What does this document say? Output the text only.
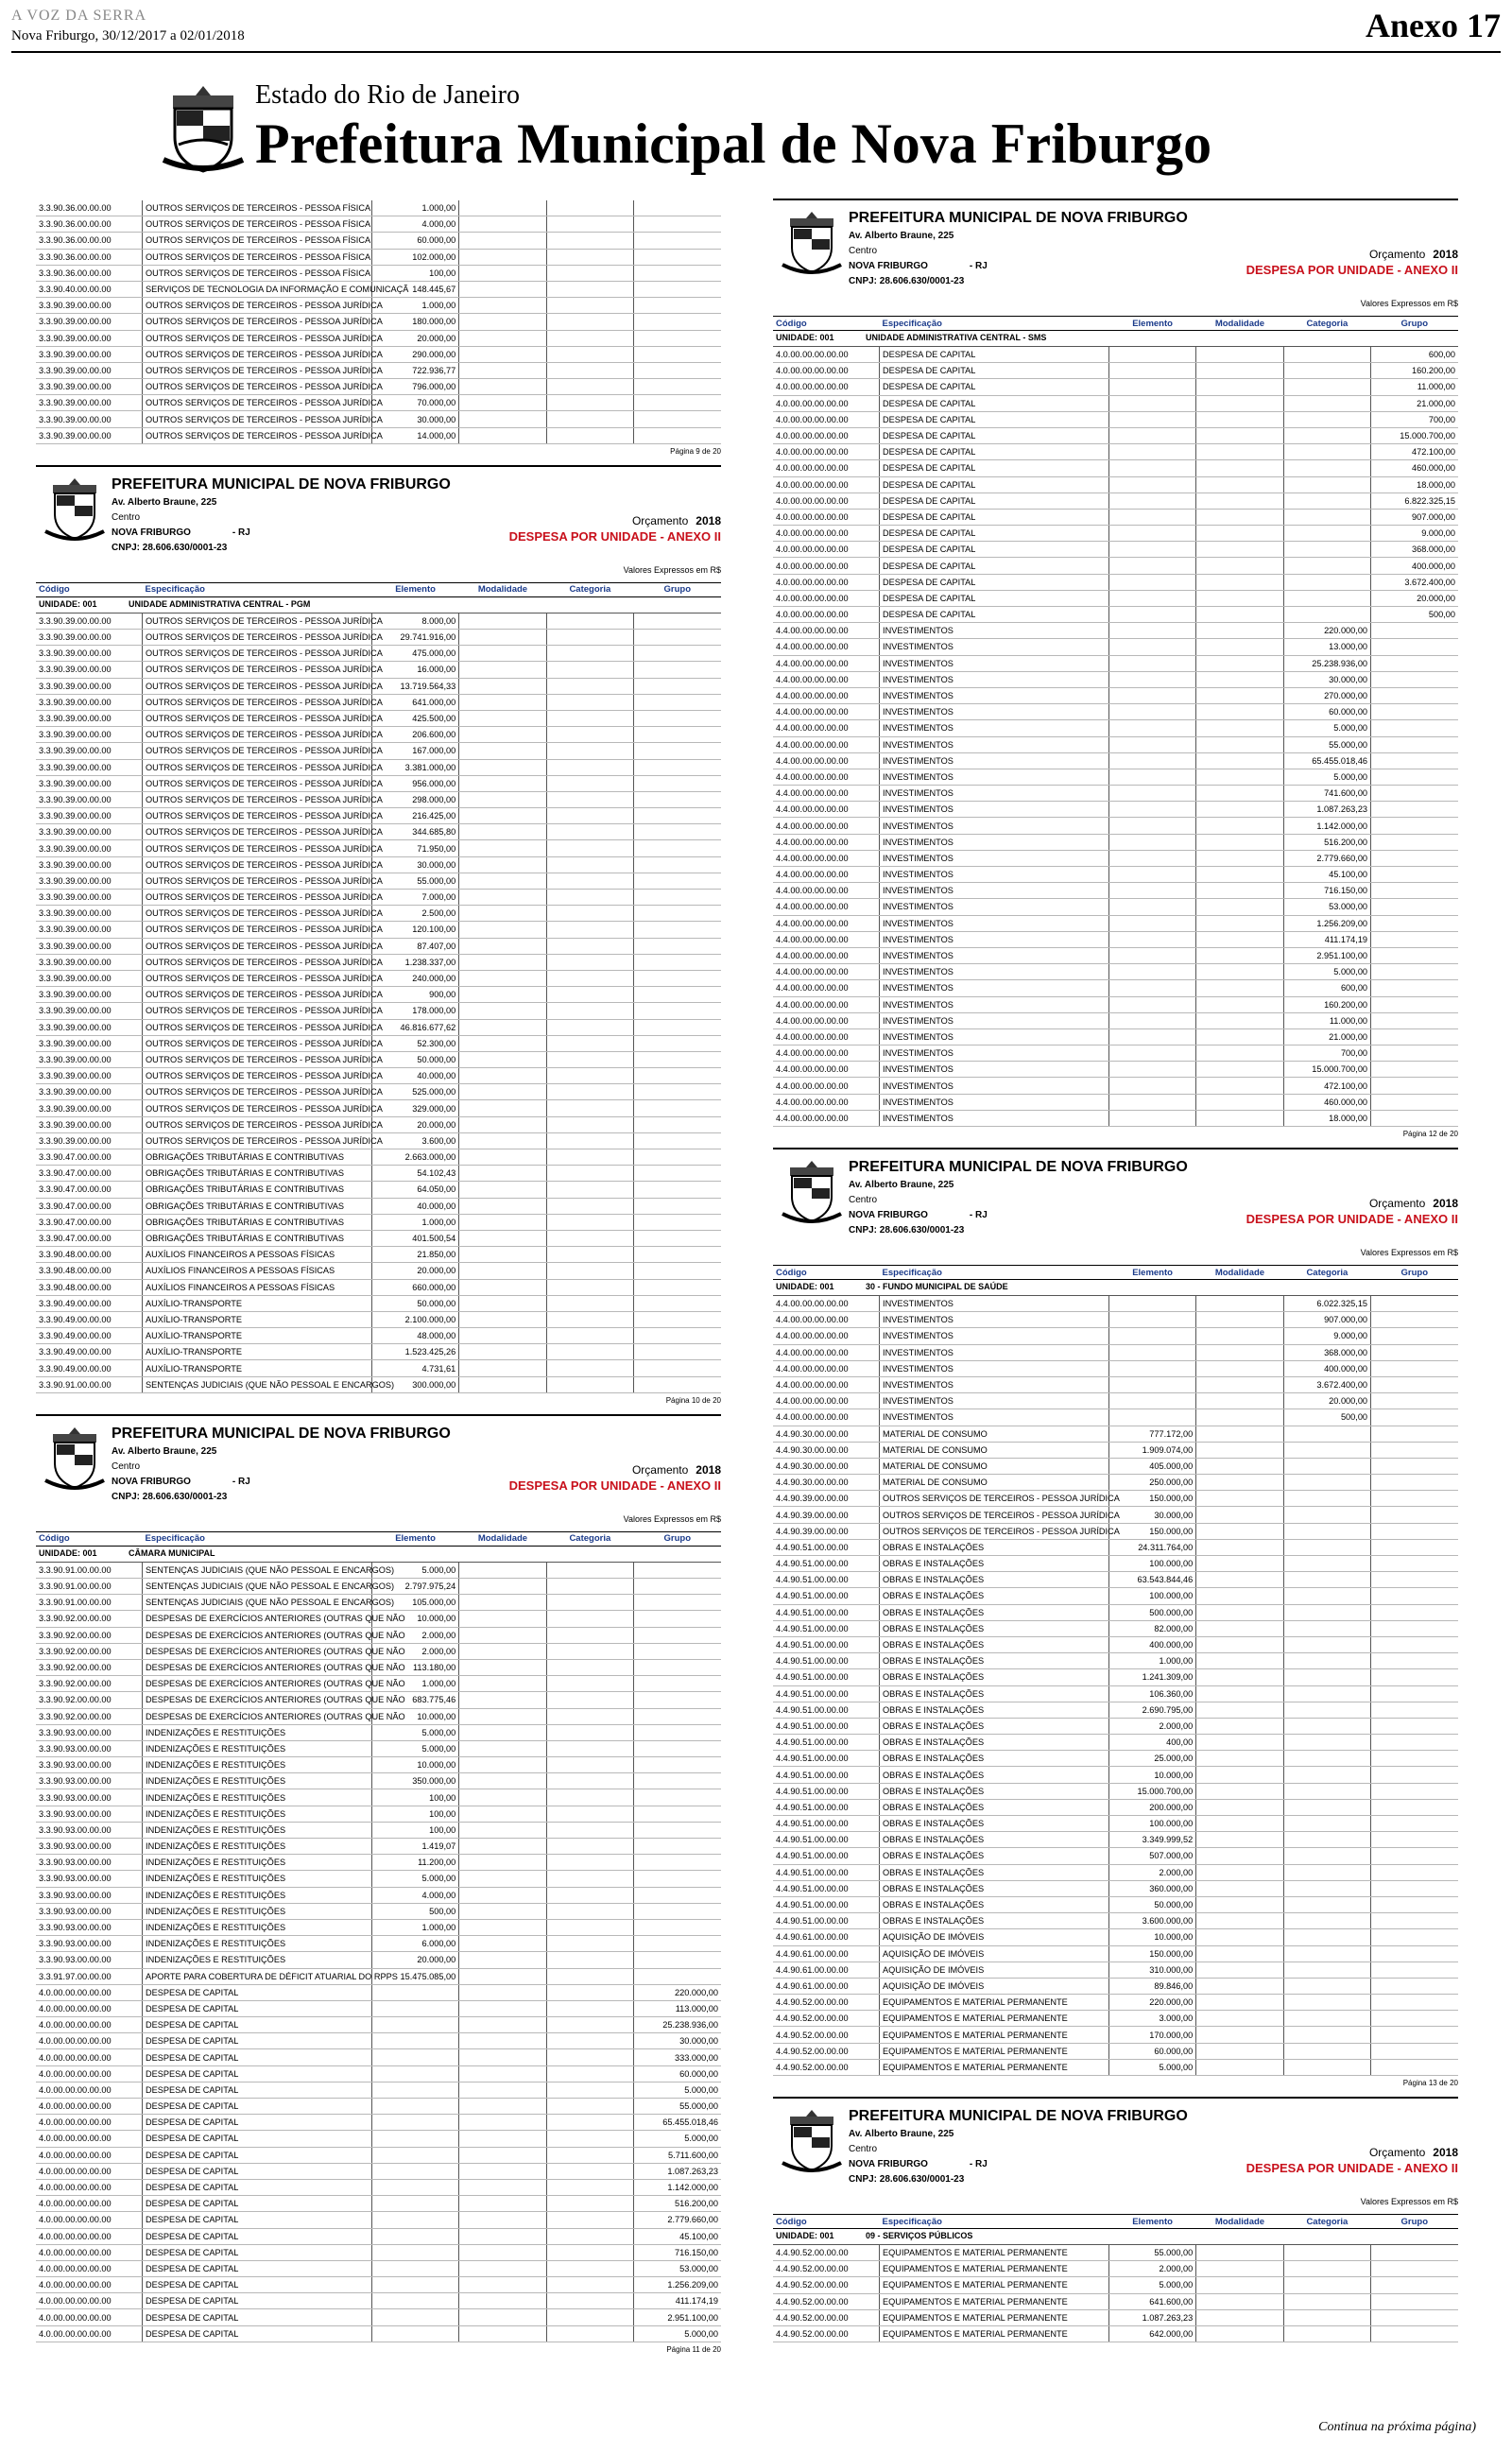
A VOZ DA SERRA
Nova Friburgo, 30/12/2017 a 02/01/2018	Anexo 17
Estado do Rio de Janeiro
Prefeitura Municipal de Nova Friburgo
3.3.90.36.00.00.00	OUTROS SERVIÇOS DE TERCEIROS - PESSOA FÍSICA	1.000,00			
3.3.90.36.00.00.00	OUTROS SERVIÇOS DE TERCEIROS - PESSOA FÍSICA	4.000,00			
3.3.90.36.00.00.00	OUTROS SERVIÇOS DE TERCEIROS - PESSOA FÍSICA	60.000,00			
3.3.90.36.00.00.00	OUTROS SERVIÇOS DE TERCEIROS - PESSOA FÍSICA	102.000,00			
3.3.90.36.00.00.00	OUTROS SERVIÇOS DE TERCEIROS - PESSOA FÍSICA	100,00			
3.3.90.40.00.00.00	SERVIÇOS DE TECNOLOGIA DA INFORMAÇÃO E COMUNICAÇÃ	148.445,67			
3.3.90.39.00.00.00	OUTROS SERVIÇOS DE TERCEIROS - PESSOA JURÍDICA	1.000,00			
3.3.90.39.00.00.00	OUTROS SERVIÇOS DE TERCEIROS - PESSOA JURÍDICA	180.000,00			
3.3.90.39.00.00.00	OUTROS SERVIÇOS DE TERCEIROS - PESSOA JURÍDICA	20.000,00			
3.3.90.39.00.00.00	OUTROS SERVIÇOS DE TERCEIROS - PESSOA JURÍDICA	290.000,00			
3.3.90.39.00.00.00	OUTROS SERVIÇOS DE TERCEIROS - PESSOA JURÍDICA	722.936,77			
3.3.90.39.00.00.00	OUTROS SERVIÇOS DE TERCEIROS - PESSOA JURÍDICA	796.000,00			
3.3.90.39.00.00.00	OUTROS SERVIÇOS DE TERCEIROS - PESSOA JURÍDICA	70.000,00			
3.3.90.39.00.00.00	OUTROS SERVIÇOS DE TERCEIROS - PESSOA JURÍDICA	30.000,00			
3.3.90.39.00.00.00	OUTROS SERVIÇOS DE TERCEIROS - PESSOA JURÍDICA	14.000,00			
Página 9 de 20
PREFEITURA MUNICIPAL DE NOVA FRIBURGO
Av. Alberto Braune, 225
Centro
NOVA FRIBURGO	- RJ
CNPJ: 28.606.630/0001-23
Orçamento 2018
DESPESA POR UNIDADE - ANEXO II
Valores Expressos em R$
Código	Especificação	Elemento	Modalidade	Categoria	Grupo
UNIDADE: 001	UNIDADE ADMINISTRATIVA CENTRAL - PGM
3.3.90.39.00.00.00	OUTROS SERVIÇOS DE TERCEIROS - PESSOA JURÍDICA	8.000,00			
3.3.90.39.00.00.00	OUTROS SERVIÇOS DE TERCEIROS - PESSOA JURÍDICA	29.741.916,00			
3.3.90.39.00.00.00	OUTROS SERVIÇOS DE TERCEIROS - PESSOA JURÍDICA	475.000,00			
3.3.90.39.00.00.00	OUTROS SERVIÇOS DE TERCEIROS - PESSOA JURÍDICA	16.000,00			
3.3.90.39.00.00.00	OUTROS SERVIÇOS DE TERCEIROS - PESSOA JURÍDICA	13.719.564,33			
3.3.90.39.00.00.00	OUTROS SERVIÇOS DE TERCEIROS - PESSOA JURÍDICA	641.000,00			
3.3.90.39.00.00.00	OUTROS SERVIÇOS DE TERCEIROS - PESSOA JURÍDICA	425.500,00			
3.3.90.39.00.00.00	OUTROS SERVIÇOS DE TERCEIROS - PESSOA JURÍDICA	206.600,00			
3.3.90.39.00.00.00	OUTROS SERVIÇOS DE TERCEIROS - PESSOA JURÍDICA	167.000,00			
3.3.90.39.00.00.00	OUTROS SERVIÇOS DE TERCEIROS - PESSOA JURÍDICA	3.381.000,00			
3.3.90.39.00.00.00	OUTROS SERVIÇOS DE TERCEIROS - PESSOA JURÍDICA	956.000,00			
3.3.90.39.00.00.00	OUTROS SERVIÇOS DE TERCEIROS - PESSOA JURÍDICA	298.000,00			
3.3.90.39.00.00.00	OUTROS SERVIÇOS DE TERCEIROS - PESSOA JURÍDICA	216.425,00			
3.3.90.39.00.00.00	OUTROS SERVIÇOS DE TERCEIROS - PESSOA JURÍDICA	344.685,80			
3.3.90.39.00.00.00	OUTROS SERVIÇOS DE TERCEIROS - PESSOA JURÍDICA	71.950,00			
3.3.90.39.00.00.00	OUTROS SERVIÇOS DE TERCEIROS - PESSOA JURÍDICA	30.000,00			
3.3.90.39.00.00.00	OUTROS SERVIÇOS DE TERCEIROS - PESSOA JURÍDICA	55.000,00			
3.3.90.39.00.00.00	OUTROS SERVIÇOS DE TERCEIROS - PESSOA JURÍDICA	7.000,00			
3.3.90.39.00.00.00	OUTROS SERVIÇOS DE TERCEIROS - PESSOA JURÍDICA	2.500,00			
3.3.90.39.00.00.00	OUTROS SERVIÇOS DE TERCEIROS - PESSOA JURÍDICA	120.100,00			
3.3.90.39.00.00.00	OUTROS SERVIÇOS DE TERCEIROS - PESSOA JURÍDICA	87.407,00			
3.3.90.39.00.00.00	OUTROS SERVIÇOS DE TERCEIROS - PESSOA JURÍDICA	1.238.337,00			
3.3.90.39.00.00.00	OUTROS SERVIÇOS DE TERCEIROS - PESSOA JURÍDICA	240.000,00			
3.3.90.39.00.00.00	OUTROS SERVIÇOS DE TERCEIROS - PESSOA JURÍDICA	900,00			
3.3.90.39.00.00.00	OUTROS SERVIÇOS DE TERCEIROS - PESSOA JURÍDICA	178.000,00			
3.3.90.39.00.00.00	OUTROS SERVIÇOS DE TERCEIROS - PESSOA JURÍDICA	46.816.677,62			
3.3.90.39.00.00.00	OUTROS SERVIÇOS DE TERCEIROS - PESSOA JURÍDICA	52.300,00			
3.3.90.39.00.00.00	OUTROS SERVIÇOS DE TERCEIROS - PESSOA JURÍDICA	50.000,00			
3.3.90.39.00.00.00	OUTROS SERVIÇOS DE TERCEIROS - PESSOA JURÍDICA	40.000,00			
3.3.90.39.00.00.00	OUTROS SERVIÇOS DE TERCEIROS - PESSOA JURÍDICA	525.000,00			
3.3.90.39.00.00.00	OUTROS SERVIÇOS DE TERCEIROS - PESSOA JURÍDICA	329.000,00			
3.3.90.39.00.00.00	OUTROS SERVIÇOS DE TERCEIROS - PESSOA JURÍDICA	20.000,00			
3.3.90.39.00.00.00	OUTROS SERVIÇOS DE TERCEIROS - PESSOA JURÍDICA	3.600,00			
3.3.90.47.00.00.00	OBRIGAÇÕES TRIBUTÁRIAS E CONTRIBUTIVAS	2.663.000,00			
3.3.90.47.00.00.00	OBRIGAÇÕES TRIBUTÁRIAS E CONTRIBUTIVAS	54.102,43			
3.3.90.47.00.00.00	OBRIGAÇÕES TRIBUTÁRIAS E CONTRIBUTIVAS	64.050,00			
3.3.90.47.00.00.00	OBRIGAÇÕES TRIBUTÁRIAS E CONTRIBUTIVAS	40.000,00			
3.3.90.47.00.00.00	OBRIGAÇÕES TRIBUTÁRIAS E CONTRIBUTIVAS	1.000,00			
3.3.90.47.00.00.00	OBRIGAÇÕES TRIBUTÁRIAS E CONTRIBUTIVAS	401.500,54			
3.3.90.48.00.00.00	AUXÍLIOS FINANCEIROS A PESSOAS FÍSICAS	21.850,00			
3.3.90.48.00.00.00	AUXÍLIOS FINANCEIROS A PESSOAS FÍSICAS	20.000,00			
3.3.90.48.00.00.00	AUXÍLIOS FINANCEIROS A PESSOAS FÍSICAS	660.000,00			
3.3.90.49.00.00.00	AUXÍLIO-TRANSPORTE	50.000,00			
3.3.90.49.00.00.00	AUXÍLIO-TRANSPORTE	2.100.000,00			
3.3.90.49.00.00.00	AUXÍLIO-TRANSPORTE	48.000,00			
3.3.90.49.00.00.00	AUXÍLIO-TRANSPORTE	1.523.425,26			
3.3.90.49.00.00.00	AUXÍLIO-TRANSPORTE	4.731,61			
3.3.90.91.00.00.00	SENTENÇAS JUDICIAIS (QUE NÃO PESSOAL E ENCARGOS)	300.000,00			
Página 10 de 20
PREFEITURA MUNICIPAL DE NOVA FRIBURGO
Av. Alberto Braune, 225
Centro
NOVA FRIBURGO	- RJ
CNPJ: 28.606.630/0001-23
Orçamento 2018
DESPESA POR UNIDADE - ANEXO II
Valores Expressos em R$
Código	Especificação	Elemento	Modalidade	Categoria	Grupo
UNIDADE: 001	CÂMARA MUNICIPAL
3.3.90.91.00.00.00	SENTENÇAS JUDICIAIS (QUE NÃO PESSOAL E ENCARGOS)	5.000,00			
3.3.90.91.00.00.00	SENTENÇAS JUDICIAIS (QUE NÃO PESSOAL E ENCARGOS)	2.797.975,24			
3.3.90.91.00.00.00	SENTENÇAS JUDICIAIS (QUE NÃO PESSOAL E ENCARGOS)	105.000,00			
3.3.90.92.00.00.00	DESPESAS DE EXERCÍCIOS ANTERIORES (OUTRAS QUE NÃO	10.000,00			
3.3.90.92.00.00.00	DESPESAS DE EXERCÍCIOS ANTERIORES (OUTRAS QUE NÃO	2.000,00			
3.3.90.92.00.00.00	DESPESAS DE EXERCÍCIOS ANTERIORES (OUTRAS QUE NÃO	2.000,00			
3.3.90.92.00.00.00	DESPESAS DE EXERCÍCIOS ANTERIORES (OUTRAS QUE NÃO	113.180,00			
3.3.90.92.00.00.00	DESPESAS DE EXERCÍCIOS ANTERIORES (OUTRAS QUE NÃO	1.000,00			
3.3.90.92.00.00.00	DESPESAS DE EXERCÍCIOS ANTERIORES (OUTRAS QUE NÃO	683.775,46			
3.3.90.92.00.00.00	DESPESAS DE EXERCÍCIOS ANTERIORES (OUTRAS QUE NÃO	10.000,00			
3.3.90.93.00.00.00	INDENIZAÇÕES E RESTITUIÇÕES	5.000,00			
3.3.90.93.00.00.00	INDENIZAÇÕES E RESTITUIÇÕES	5.000,00			
3.3.90.93.00.00.00	INDENIZAÇÕES E RESTITUIÇÕES	10.000,00			
3.3.90.93.00.00.00	INDENIZAÇÕES E RESTITUIÇÕES	350.000,00			
3.3.90.93.00.00.00	INDENIZAÇÕES E RESTITUIÇÕES	100,00			
3.3.90.93.00.00.00	INDENIZAÇÕES E RESTITUIÇÕES	100,00			
3.3.90.93.00.00.00	INDENIZAÇÕES E RESTITUIÇÕES	100,00			
3.3.90.93.00.00.00	INDENIZAÇÕES E RESTITUIÇÕES	1.419,07			
3.3.90.93.00.00.00	INDENIZAÇÕES E RESTITUIÇÕES	11.200,00			
3.3.90.93.00.00.00	INDENIZAÇÕES E RESTITUIÇÕES	5.000,00			
3.3.90.93.00.00.00	INDENIZAÇÕES E RESTITUIÇÕES	4.000,00			
3.3.90.93.00.00.00	INDENIZAÇÕES E RESTITUIÇÕES	500,00			
3.3.90.93.00.00.00	INDENIZAÇÕES E RESTITUIÇÕES	1.000,00			
3.3.90.93.00.00.00	INDENIZAÇÕES E RESTITUIÇÕES	6.000,00			
3.3.90.93.00.00.00	INDENIZAÇÕES E RESTITUIÇÕES	20.000,00			
3.3.91.97.00.00.00	APORTE PARA COBERTURA DE DÉFICIT ATUARIAL DO RPPS	15.475.085,00			
4.0.00.00.00.00.00	DESPESA DE CAPITAL				220.000,00
4.0.00.00.00.00.00	DESPESA DE CAPITAL				113.000,00
4.0.00.00.00.00.00	DESPESA DE CAPITAL				25.238.936,00
4.0.00.00.00.00.00	DESPESA DE CAPITAL				30.000,00
4.0.00.00.00.00.00	DESPESA DE CAPITAL				333.000,00
4.0.00.00.00.00.00	DESPESA DE CAPITAL				60.000,00
4.0.00.00.00.00.00	DESPESA DE CAPITAL				5.000,00
4.0.00.00.00.00.00	DESPESA DE CAPITAL				55.000,00
4.0.00.00.00.00.00	DESPESA DE CAPITAL				65.455.018,46
4.0.00.00.00.00.00	DESPESA DE CAPITAL				5.000,00
4.0.00.00.00.00.00	DESPESA DE CAPITAL				5.711.600,00
4.0.00.00.00.00.00	DESPESA DE CAPITAL				1.087.263,23
4.0.00.00.00.00.00	DESPESA DE CAPITAL				1.142.000,00
4.0.00.00.00.00.00	DESPESA DE CAPITAL				516.200,00
4.0.00.00.00.00.00	DESPESA DE CAPITAL				2.779.660,00
4.0.00.00.00.00.00	DESPESA DE CAPITAL				45.100,00
4.0.00.00.00.00.00	DESPESA DE CAPITAL				716.150,00
4.0.00.00.00.00.00	DESPESA DE CAPITAL				53.000,00
4.0.00.00.00.00.00	DESPESA DE CAPITAL				1.256.209,00
4.0.00.00.00.00.00	DESPESA DE CAPITAL				411.174,19
4.0.00.00.00.00.00	DESPESA DE CAPITAL				2.951.100,00
4.0.00.00.00.00.00	DESPESA DE CAPITAL				5.000,00
Página 11 de 20
PREFEITURA MUNICIPAL DE NOVA FRIBURGO
Av. Alberto Braune, 225
Centro
NOVA FRIBURGO	- RJ
CNPJ: 28.606.630/0001-23
Orçamento 2018
DESPESA POR UNIDADE - ANEXO II
Valores Expressos em R$
Código	Especificação	Elemento	Modalidade	Categoria	Grupo
UNIDADE: 001	UNIDADE ADMINISTRATIVA CENTRAL - SMS
4.0.00.00.00.00.00	DESPESA DE CAPITAL				600,00
4.0.00.00.00.00.00	DESPESA DE CAPITAL				160.200,00
4.0.00.00.00.00.00	DESPESA DE CAPITAL				11.000,00
4.0.00.00.00.00.00	DESPESA DE CAPITAL				21.000,00
4.0.00.00.00.00.00	DESPESA DE CAPITAL				700,00
4.0.00.00.00.00.00	DESPESA DE CAPITAL				15.000.700,00
4.0.00.00.00.00.00	DESPESA DE CAPITAL				472.100,00
4.0.00.00.00.00.00	DESPESA DE CAPITAL				460.000,00
4.0.00.00.00.00.00	DESPESA DE CAPITAL				18.000,00
4.0.00.00.00.00.00	DESPESA DE CAPITAL				6.822.325,15
4.0.00.00.00.00.00	DESPESA DE CAPITAL				907.000,00
4.0.00.00.00.00.00	DESPESA DE CAPITAL				9.000,00
4.0.00.00.00.00.00	DESPESA DE CAPITAL				368.000,00
4.0.00.00.00.00.00	DESPESA DE CAPITAL				400.000,00
4.0.00.00.00.00.00	DESPESA DE CAPITAL				3.672.400,00
4.0.00.00.00.00.00	DESPESA DE CAPITAL				20.000,00
4.0.00.00.00.00.00	DESPESA DE CAPITAL				500,00
4.4.00.00.00.00.00	INVESTIMENTOS			220.000,00	
4.4.00.00.00.00.00	INVESTIMENTOS			13.000,00	
4.4.00.00.00.00.00	INVESTIMENTOS			25.238.936,00	
4.4.00.00.00.00.00	INVESTIMENTOS			30.000,00	
4.4.00.00.00.00.00	INVESTIMENTOS			270.000,00	
4.4.00.00.00.00.00	INVESTIMENTOS			60.000,00	
4.4.00.00.00.00.00	INVESTIMENTOS			5.000,00	
4.4.00.00.00.00.00	INVESTIMENTOS			55.000,00	
4.4.00.00.00.00.00	INVESTIMENTOS			65.455.018,46	
4.4.00.00.00.00.00	INVESTIMENTOS			5.000,00	
4.4.00.00.00.00.00	INVESTIMENTOS			741.600,00	
4.4.00.00.00.00.00	INVESTIMENTOS			1.087.263,23	
4.4.00.00.00.00.00	INVESTIMENTOS			1.142.000,00	
4.4.00.00.00.00.00	INVESTIMENTOS			516.200,00	
4.4.00.00.00.00.00	INVESTIMENTOS			2.779.660,00	
4.4.00.00.00.00.00	INVESTIMENTOS			45.100,00	
4.4.00.00.00.00.00	INVESTIMENTOS			716.150,00	
4.4.00.00.00.00.00	INVESTIMENTOS			53.000,00	
4.4.00.00.00.00.00	INVESTIMENTOS			1.256.209,00	
4.4.00.00.00.00.00	INVESTIMENTOS			411.174,19	
4.4.00.00.00.00.00	INVESTIMENTOS			2.951.100,00	
4.4.00.00.00.00.00	INVESTIMENTOS			5.000,00	
4.4.00.00.00.00.00	INVESTIMENTOS			600,00	
4.4.00.00.00.00.00	INVESTIMENTOS			160.200,00	
4.4.00.00.00.00.00	INVESTIMENTOS			11.000,00	
4.4.00.00.00.00.00	INVESTIMENTOS			21.000,00	
4.4.00.00.00.00.00	INVESTIMENTOS			700,00	
4.4.00.00.00.00.00	INVESTIMENTOS			15.000.700,00	
4.4.00.00.00.00.00	INVESTIMENTOS			472.100,00	
4.4.00.00.00.00.00	INVESTIMENTOS			460.000,00	
4.4.00.00.00.00.00	INVESTIMENTOS			18.000,00	
Página 12 de 20
PREFEITURA MUNICIPAL DE NOVA FRIBURGO
Av. Alberto Braune, 225
Centro
NOVA FRIBURGO	- RJ
CNPJ: 28.606.630/0001-23
Orçamento 2018
DESPESA POR UNIDADE - ANEXO II
Valores Expressos em R$
Código	Especificação	Elemento	Modalidade	Categoria	Grupo
UNIDADE: 001	30 - FUNDO MUNICIPAL DE SAÚDE
4.4.00.00.00.00.00	INVESTIMENTOS			6.022.325,15	
4.4.00.00.00.00.00	INVESTIMENTOS			907.000,00	
4.4.00.00.00.00.00	INVESTIMENTOS			9.000,00	
4.4.00.00.00.00.00	INVESTIMENTOS			368.000,00	
4.4.00.00.00.00.00	INVESTIMENTOS			400.000,00	
4.4.00.00.00.00.00	INVESTIMENTOS			3.672.400,00	
4.4.00.00.00.00.00	INVESTIMENTOS			20.000,00	
4.4.00.00.00.00.00	INVESTIMENTOS			500,00	
4.4.90.30.00.00.00	MATERIAL DE CONSUMO	777.172,00			
4.4.90.30.00.00.00	MATERIAL DE CONSUMO	1.909.074,00			
4.4.90.30.00.00.00	MATERIAL DE CONSUMO	405.000,00			
4.4.90.30.00.00.00	MATERIAL DE CONSUMO	250.000,00			
4.4.90.39.00.00.00	OUTROS SERVIÇOS DE TERCEIROS - PESSOA JURÍDICA	150.000,00			
4.4.90.39.00.00.00	OUTROS SERVIÇOS DE TERCEIROS - PESSOA JURÍDICA	30.000,00			
4.4.90.39.00.00.00	OUTROS SERVIÇOS DE TERCEIROS - PESSOA JURÍDICA	150.000,00			
4.4.90.51.00.00.00	OBRAS E INSTALAÇÕES	24.311.764,00			
4.4.90.51.00.00.00	OBRAS E INSTALAÇÕES	100.000,00			
4.4.90.51.00.00.00	OBRAS E INSTALAÇÕES	63.543.844,46			
4.4.90.51.00.00.00	OBRAS E INSTALAÇÕES	100.000,00			
4.4.90.51.00.00.00	OBRAS E INSTALAÇÕES	500.000,00			
4.4.90.51.00.00.00	OBRAS E INSTALAÇÕES	82.000,00			
4.4.90.51.00.00.00	OBRAS E INSTALAÇÕES	400.000,00			
4.4.90.51.00.00.00	OBRAS E INSTALAÇÕES	1.000,00			
4.4.90.51.00.00.00	OBRAS E INSTALAÇÕES	1.241.309,00			
4.4.90.51.00.00.00	OBRAS E INSTALAÇÕES	106.360,00			
4.4.90.51.00.00.00	OBRAS E INSTALAÇÕES	2.690.795,00			
4.4.90.51.00.00.00	OBRAS E INSTALAÇÕES	2.000,00			
4.4.90.51.00.00.00	OBRAS E INSTALAÇÕES	400,00			
4.4.90.51.00.00.00	OBRAS E INSTALAÇÕES	25.000,00			
4.4.90.51.00.00.00	OBRAS E INSTALAÇÕES	10.000,00			
4.4.90.51.00.00.00	OBRAS E INSTALAÇÕES	15.000.700,00			
4.4.90.51.00.00.00	OBRAS E INSTALAÇÕES	200.000,00			
4.4.90.51.00.00.00	OBRAS E INSTALAÇÕES	100.000,00			
4.4.90.51.00.00.00	OBRAS E INSTALAÇÕES	3.349.999,52			
4.4.90.51.00.00.00	OBRAS E INSTALAÇÕES	507.000,00			
4.4.90.51.00.00.00	OBRAS E INSTALAÇÕES	2.000,00			
4.4.90.51.00.00.00	OBRAS E INSTALAÇÕES	360.000,00			
4.4.90.51.00.00.00	OBRAS E INSTALAÇÕES	50.000,00			
4.4.90.51.00.00.00	OBRAS E INSTALAÇÕES	3.600.000,00			
4.4.90.61.00.00.00	AQUISIÇÃO DE IMÓVEIS	10.000,00			
4.4.90.61.00.00.00	AQUISIÇÃO DE IMÓVEIS	150.000,00			
4.4.90.61.00.00.00	AQUISIÇÃO DE IMÓVEIS	310.000,00			
4.4.90.61.00.00.00	AQUISIÇÃO DE IMÓVEIS	89.846,00			
4.4.90.52.00.00.00	EQUIPAMENTOS E MATERIAL PERMANENTE	220.000,00			
4.4.90.52.00.00.00	EQUIPAMENTOS E MATERIAL PERMANENTE	3.000,00			
4.4.90.52.00.00.00	EQUIPAMENTOS E MATERIAL PERMANENTE	170.000,00			
4.4.90.52.00.00.00	EQUIPAMENTOS E MATERIAL PERMANENTE	60.000,00			
4.4.90.52.00.00.00	EQUIPAMENTOS E MATERIAL PERMANENTE	5.000,00			
Página 13 de 20
PREFEITURA MUNICIPAL DE NOVA FRIBURGO
Av. Alberto Braune, 225
Centro
NOVA FRIBURGO	- RJ
CNPJ: 28.606.630/0001-23
Orçamento 2018
DESPESA POR UNIDADE - ANEXO II
Valores Expressos em R$
Código	Especificação	Elemento	Modalidade	Categoria	Grupo
UNIDADE: 001	09 - SERVIÇOS PÚBLICOS
4.4.90.52.00.00.00	EQUIPAMENTOS E MATERIAL PERMANENTE	55.000,00			
4.4.90.52.00.00.00	EQUIPAMENTOS E MATERIAL PERMANENTE	2.000,00			
4.4.90.52.00.00.00	EQUIPAMENTOS E MATERIAL PERMANENTE	5.000,00			
4.4.90.52.00.00.00	EQUIPAMENTOS E MATERIAL PERMANENTE	641.600,00			
4.4.90.52.00.00.00	EQUIPAMENTOS E MATERIAL PERMANENTE	1.087.263,23			
4.4.90.52.00.00.00	EQUIPAMENTOS E MATERIAL PERMANENTE	642.000,00			
Continua na próxima página)
